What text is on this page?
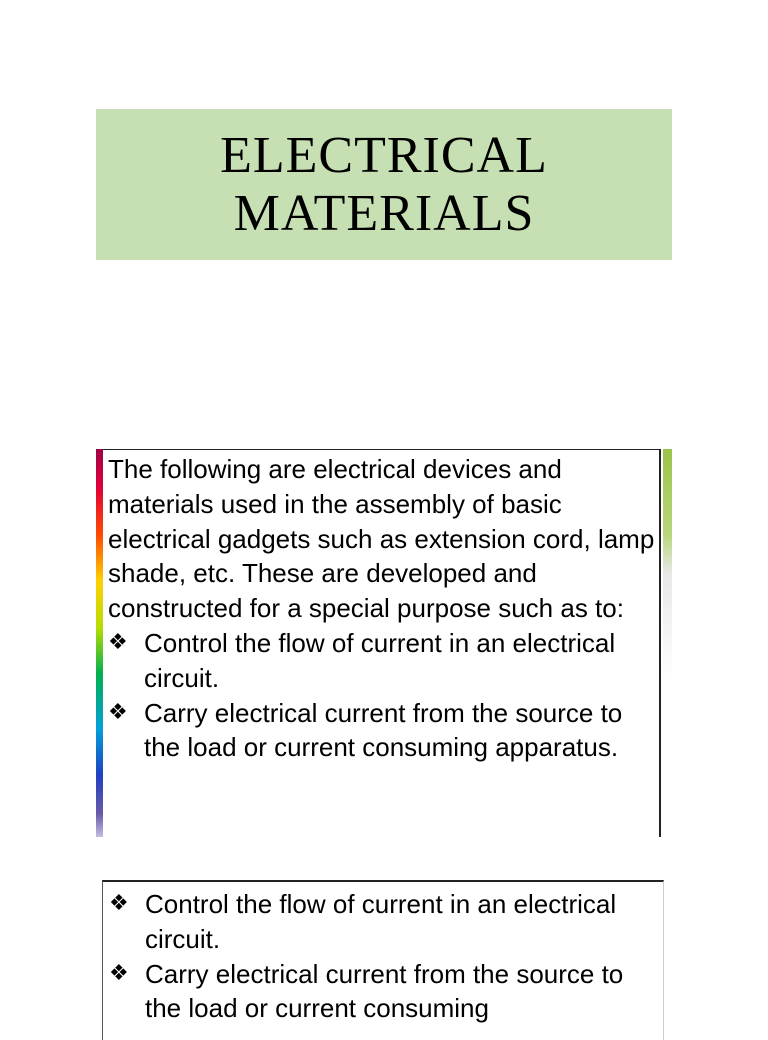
ELECTRICAL
MATERIALS
The following are electrical devices and materials used in the assembly of basic electrical gadgets such as extension cord, lamp shade, etc. These are developed and constructed for a special purpose such as to:
❖ Control the flow of current in an electrical circuit.
❖ Carry electrical current from the source to the load or current consuming apparatus.
❖ Control the flow of current in an electrical circuit.
❖ Carry electrical current from the source to the load or current consuming
